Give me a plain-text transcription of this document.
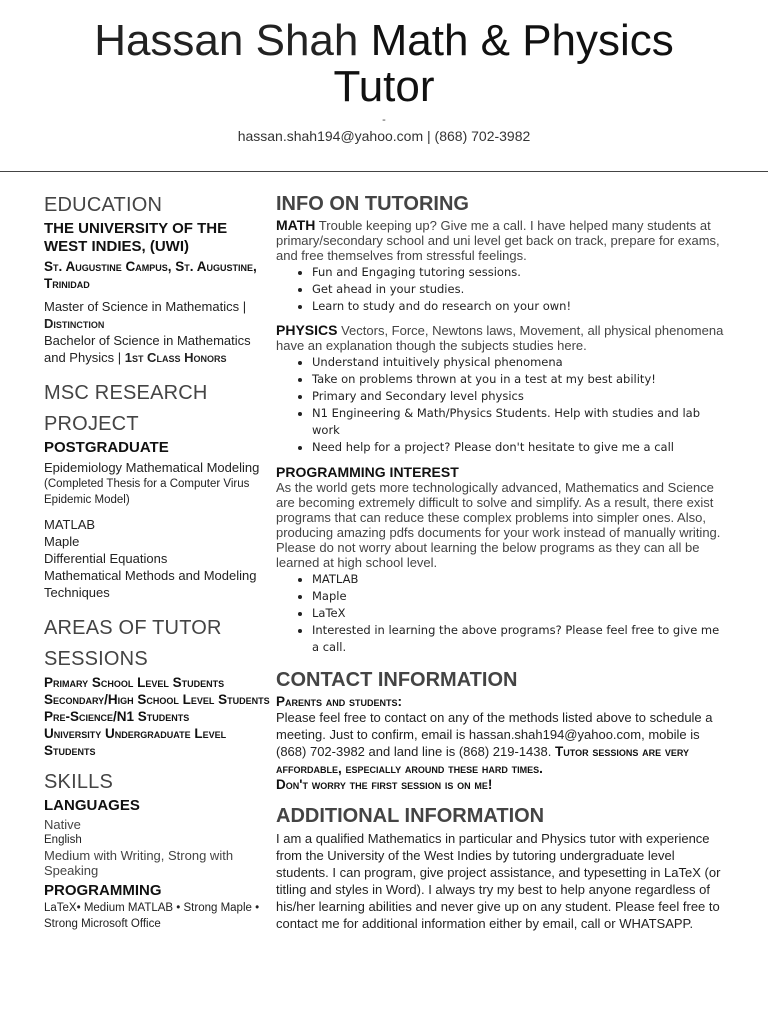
Hassan Shah Math & Physics
Tutor
-
hassan.shah194@yahoo.com | (868) 702-3982
EDUCATION
THE UNIVERSITY OF THE WEST INDIES, (UWI)
St. Augustine Campus, St. Augustine, Trinidad

Master of Science in Mathematics | Distinction

Bachelor of Science in Mathematics and Physics | 1st Class Honors

MSC RESEARCH
PROJECT
POSTGRADUATE

Epidemiology Mathematical Modeling

(Completed Thesis for a Computer Virus Epidemic Model)

MATLAB

Maple

Differential Equations

Mathematical Methods and Modeling Techniques

AREAS OF TUTOR
SESSIONS
Primary School Level Students
Secondary/High School Level Students
Pre-Science/N1 Students
University Undergraduate Level Students
SKILLS
LANGUAGES

Native

English

Medium with Writing, Strong with Speaking

PROGRAMMING

LaTeX• Medium MATLAB • Strong Maple • Strong Microsoft Office

INFO ON TUTORING

MATH Trouble keeping up? Give me a call. I have helped many students at primary/secondary school and uni level get back on track, prepare for exams, and free themselves from stressful feelings.

• Fun and Engaging tutoring sessions.
• Get ahead in your studies.
• Learn to study and do research on your own!

PHYSICS Vectors, Force, Newtons laws, Movement, all physical phenomena have an explanation though the subjects studies here.

• Understand intuitively physical phenomena
• Take on problems thrown at you in a test at my best ability!
• Primary and Secondary level physics
• N1 Engineering & Math/Physics Students. Help with studies and lab work
• Need help for a project? Please don't hesitate to give me a call
PROGRAMMING INTEREST

As the world gets more technologically advanced, Mathematics and Science are becoming extremely difficult to solve and simplify. As a result, there exist programs that can reduce these complex problems into simpler ones. Also, producing amazing pdfs documents for your work instead of manually writing. Please do not worry about learning the below programs as they can all be learned at high school level.

• MATLAB
• Maple
• LaTeX
• Interested in learning the above programs? Please feel free to give me a call.
CONTACT INFORMATION
Parents and students:

Please feel free to contact on any of the methods listed above to schedule a meeting. Just to confirm, email is hassan.shah194@yahoo.com, mobile is (868) 702-3982 and land line is (868) 219-1438. Tutor sessions are very affordable, especially around these hard times.

Don't worry the first session is on me!
ADDITIONAL INFORMATION

I am a qualified Mathematics in particular and Physics tutor with experience from the University of the West Indies by tutoring undergraduate level students. I can program, give project assistance, and typesetting in LaTeX (or titling and styles in Word). I always try my best to help anyone regardless of his/her learning abilities and never give up on any student. Please feel free to contact me for additional information either by email, call or WHATSAPP.
